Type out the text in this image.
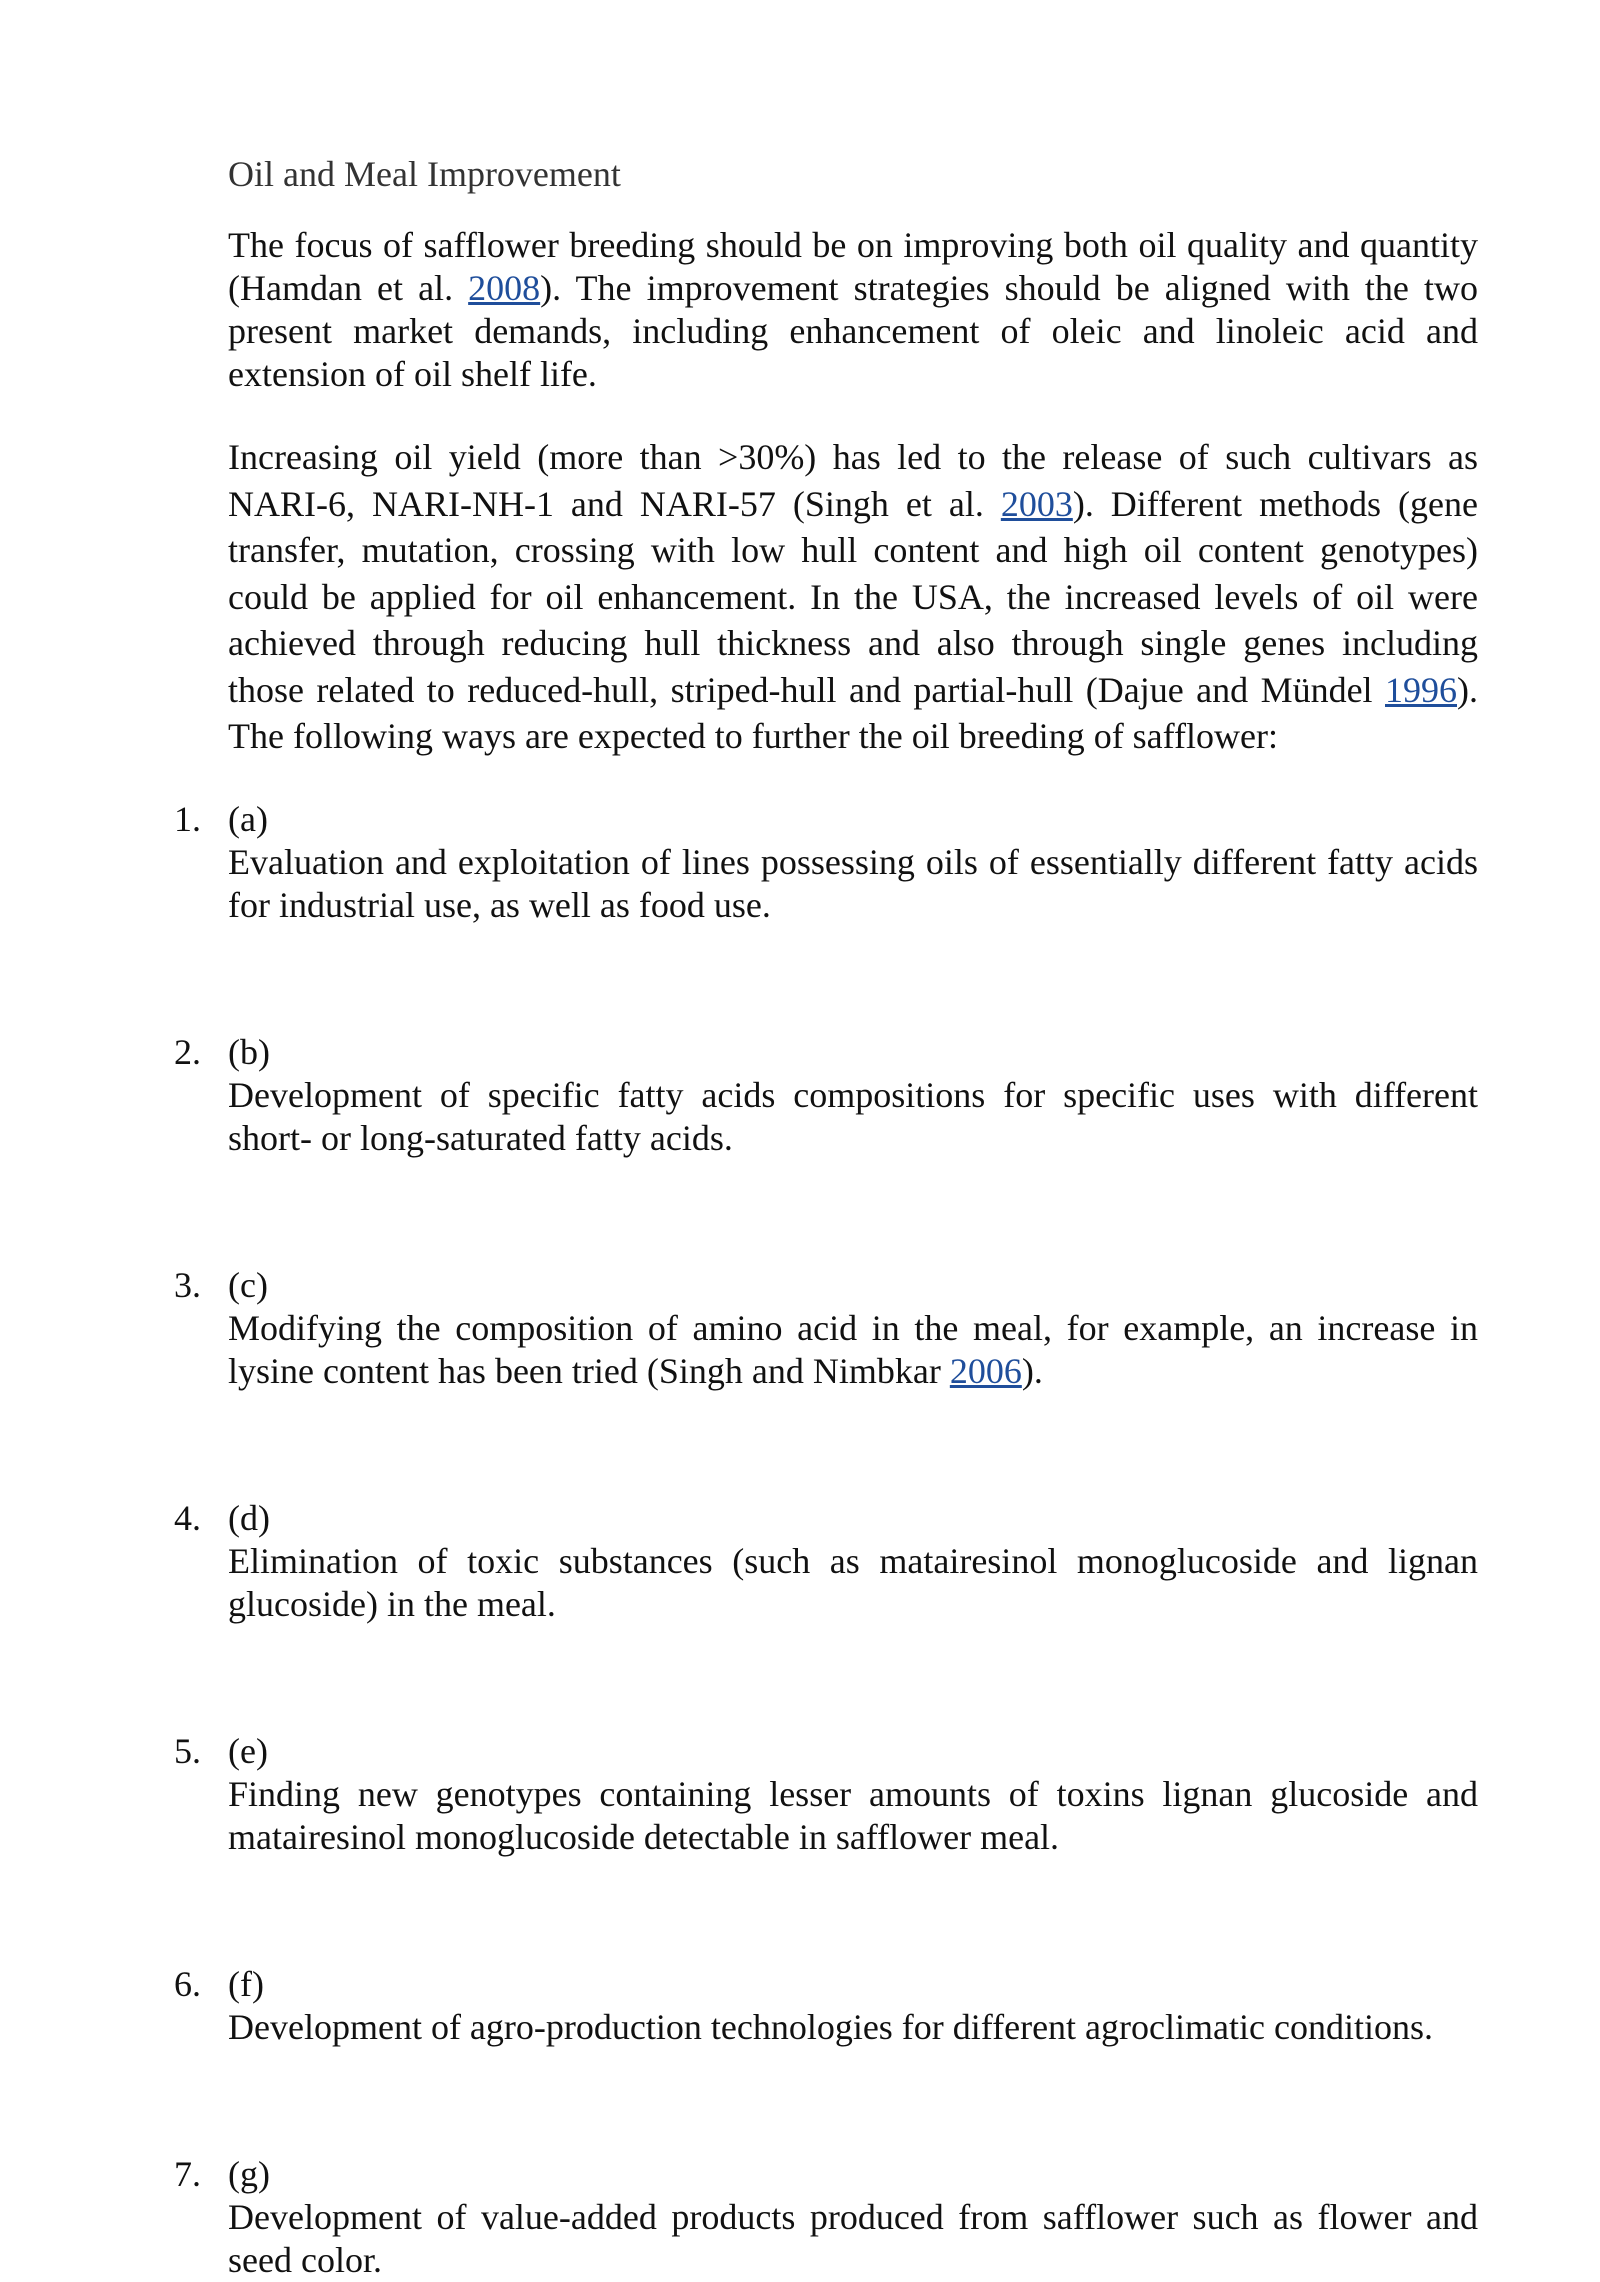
Oil and Meal Improvement

The focus of safflower breeding should be on improving both oil quality and quantity (Hamdan et al. 2008). The improvement strategies should be aligned with the two present market demands, including enhancement of oleic and linoleic acid and extension of oil shelf life.

Increasing oil yield (more than >30%) has led to the release of such cultivars as NARI-6, NARI-NH-1 and NARI-57 (Singh et al. 2003). Different methods (gene transfer, mutation, crossing with low hull content and high oil content genotypes) could be applied for oil enhancement. In the USA, the increased levels of oil were achieved through reducing hull thickness and also through single genes including those related to reduced-hull, striped-hull and partial-hull (Dajue and Mündel 1996). The following ways are expected to further the oil breeding of safflower:

1. (a)
Evaluation and exploitation of lines possessing oils of essentially different fatty acids for industrial use, as well as food use.
2. (b)
Development of specific fatty acids compositions for specific uses with different short- or long-saturated fatty acids.
3. (c)
Modifying the composition of amino acid in the meal, for example, an increase in lysine content has been tried (Singh and Nimbkar 2006).
4. (d)
Elimination of toxic substances (such as matairesinol monoglucoside and lignan glucoside) in the meal.
5. (e)
Finding new genotypes containing lesser amounts of toxins lignan glucoside and matairesinol monoglucoside detectable in safflower meal.
6. (f)
Development of agro-production technologies for different agroclimatic conditions.
7. (g)
Development of value-added products produced from safflower such as flower and seed color.
